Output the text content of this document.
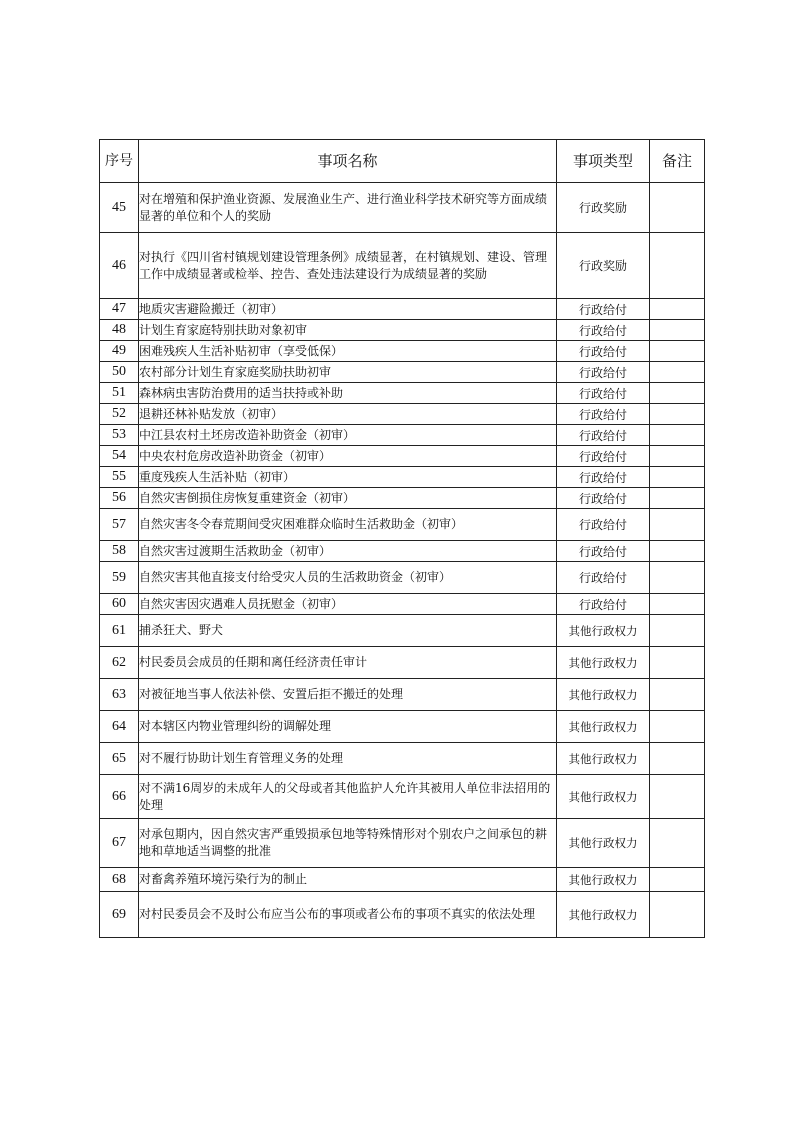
序号	事项名称	事项类型	备注
45	对在增殖和保护渔业资源、发展渔业生产、进行渔业科学技术研究等方面成绩显著的单位和个人的奖励	行政奖励	
46	对执行《四川省村镇规划建设管理条例》成绩显著，在村镇规划、建设、管理工作中成绩显著或检举、控告、查处违法建设行为成绩显著的奖励	行政奖励	
47	地质灾害避险搬迁（初审）	行政给付	
48	计划生育家庭特别扶助对象初审	行政给付	
49	困难残疾人生活补贴初审（享受低保）	行政给付	
50	农村部分计划生育家庭奖励扶助初审	行政给付	
51	森林病虫害防治费用的适当扶持或补助	行政给付	
52	退耕还林补贴发放（初审）	行政给付	
53	中江县农村土坯房改造补助资金（初审）	行政给付	
54	中央农村危房改造补助资金（初审）	行政给付	
55	重度残疾人生活补贴（初审）	行政给付	
56	自然灾害倒损住房恢复重建资金（初审）	行政给付	
57	自然灾害冬令春荒期间受灾困难群众临时生活救助金（初审）	行政给付	
58	自然灾害过渡期生活救助金（初审）	行政给付	
59	自然灾害其他直接支付给受灾人员的生活救助资金（初审）	行政给付	
60	自然灾害因灾遇难人员抚慰金（初审）	行政给付	
61	捕杀狂犬、野犬	其他行政权力	
62	村民委员会成员的任期和离任经济责任审计	其他行政权力	
63	对被征地当事人依法补偿、安置后拒不搬迁的处理	其他行政权力	
64	对本辖区内物业管理纠纷的调解处理	其他行政权力	
65	对不履行协助计划生育管理义务的处理	其他行政权力	
66	对不满16周岁的未成年人的父母或者其他监护人允许其被用人单位非法招用的处理	其他行政权力	
67	对承包期内，因自然灾害严重毁损承包地等特殊情形对个别农户之间承包的耕地和草地适当调整的批准	其他行政权力	
68	对畜禽养殖环境污染行为的制止	其他行政权力	
69	对村民委员会不及时公布应当公布的事项或者公布的事项不真实的依法处理	其他行政权力	
